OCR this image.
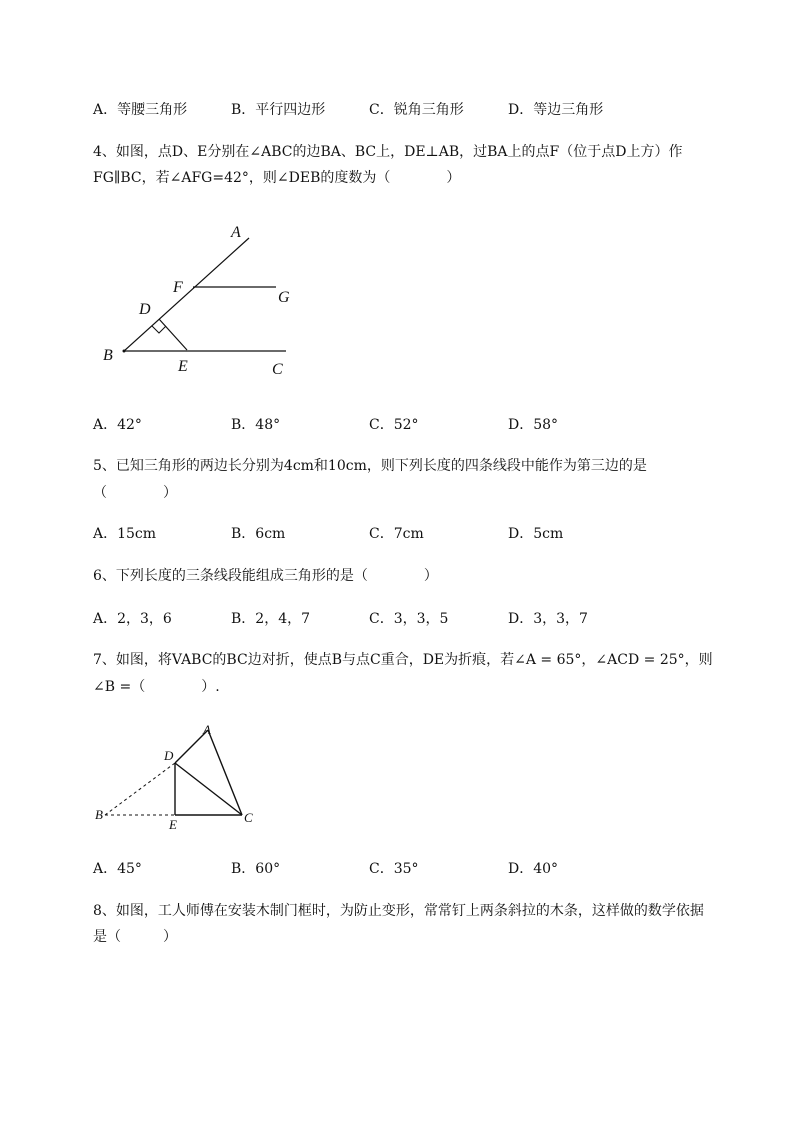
A．等腰三角形	B．平行四边形	C．锐角三角形	D．等边三角形
4、如图，点D、E分别在∠ABC的边BA、BC上，DE⊥AB，过BA上的点F（位于点D上方）作
FG∥BC，若∠AFG=42°，则∠DEB的度数为（　　　　）
A
F
G
D
B
E	C
A．42°	B．48°	C．52°	D．58°
5、已知三角形的两边长分别为4cm和10cm，则下列长度的四条线段中能作为第三边的是
（　　　　）
A．15cm	B．6cm	C．7cm	D．5cm
6、下列长度的三条线段能组成三角形的是（　　　　）
A．2，3，6	B．2，4，7	C．3，3，5	D．3，3，7
7、如图，将VABC的BC边对折，使点B与点C重合，DE为折痕，若∠A = 65°，∠ACD = 25°，则
∠B =（　　　　）.
A
D
B
E	C
A．45°	B．60°	C．35°	D．40°
8、如图，工人师傅在安装木制门框时，为防止变形，常常钉上两条斜拉的木条，这样做的数学依据
是（　　　）
